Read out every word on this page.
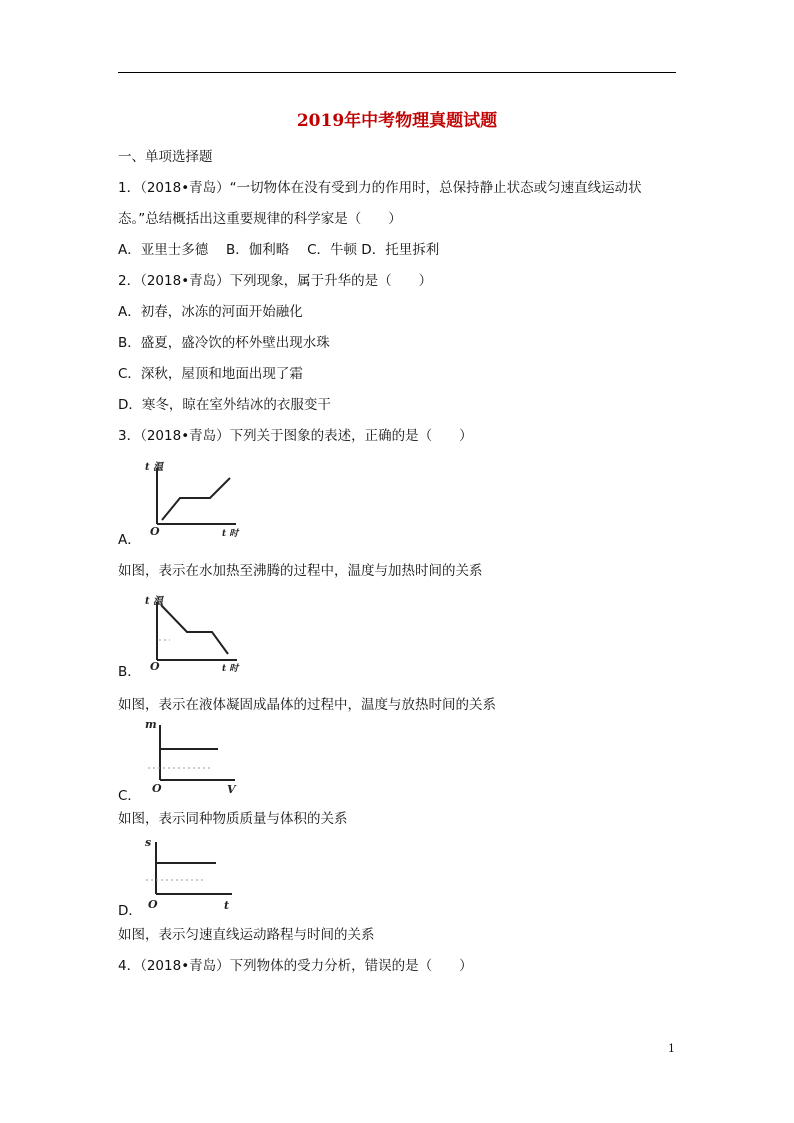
2019年中考物理真题试题
一、单项选择题
1．（2018•青岛）“一切物体在没有受到力的作用时，总保持静止状态或匀速直线运动状
态。”总结概括出这重要规律的科学家是（　　）
A．亚里士多德　 B．伽利略　 C．牛顿 D．托里拆利
2．（2018•青岛）下列现象，属于升华的是（　　）
A．初春，冰冻的河面开始融化
B．盛夏，盛冷饮的杯外壁出现水珠
C．深秋，屋顶和地面出现了霜
D．寒冬，晾在室外结冰的衣服变干
3．（2018•青岛）下列关于图象的表述，正确的是（　　）
t 温
O	t 时
A．
如图，表示在水加热至沸腾的过程中，温度与加热时间的关系
t 温
O	t 时
B．
如图，表示在液体凝固成晶体的过程中，温度与放热时间的关系
m
O	V
C．
如图，表示同种物质质量与体积的关系
s
O	t
D．
如图，表示匀速直线运动路程与时间的关系
4．（2018•青岛）下列物体的受力分析，错误的是（　　）
1
